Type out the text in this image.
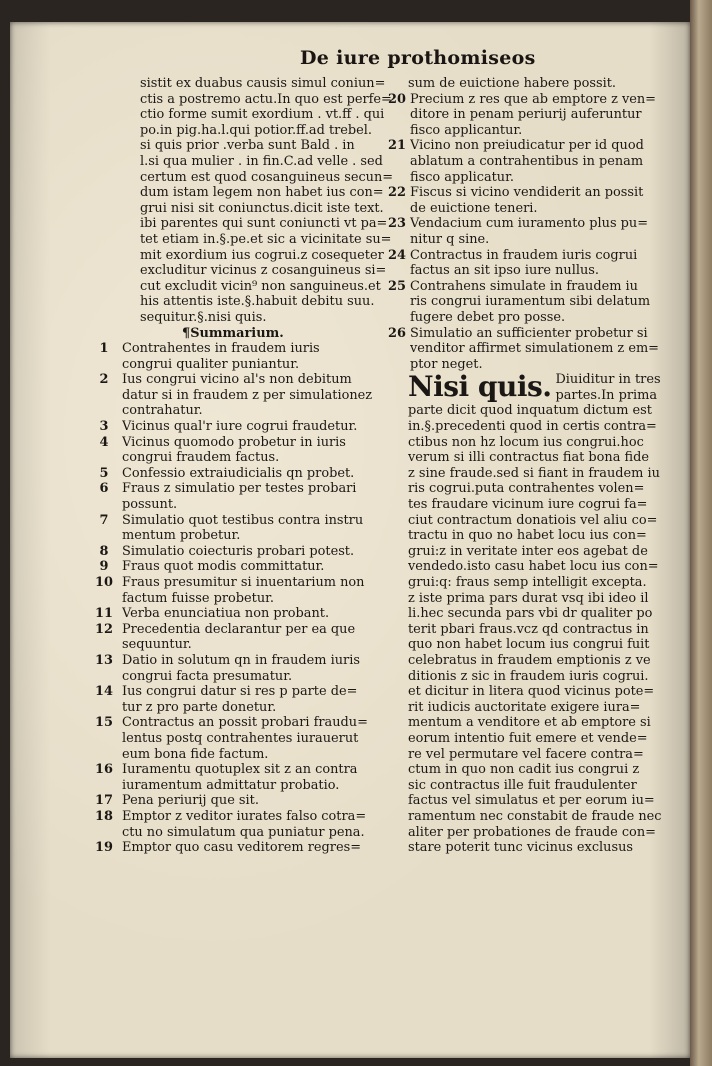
De iure prothomiseos
sistit ex duabus causis simul coniun=
ctis a postremo actu.In quo est perfe=
ctio forme sumit exordium . vt.ff . qui
po.in pig.ha.l.qui potior.ff.ad trebel.
si quis prior .verba sunt Bald . in
l.si qua mulier . in fin.C.ad velle . sed
certum est quod cosanguineus secun=
dum istam legem non habet ius con=
grui nisi sit coniunctus.dicit iste text.
ibi parentes qui sunt coniuncti vt pa=
tet etiam in.§.pe.et sic a vicinitate su=
mit exordium ius cogrui.z cosequeter
excluditur vicinus z cosanguineus si=
cut excludit vicin⁹ non sanguineus.et
his attentis iste.§.habuit debitu suu.
sequitur.§.nisi quis.
¶Summarium.
1	Contrahentes in fraudem iuris
congrui qualiter puniantur.
2	Ius congrui vicino al's non debitum
datur si in fraudem z per simulationez
contrahatur.
3	Vicinus qual'r iure cogrui fraudetur.
4	Vicinus quomodo probetur in iuris
congrui fraudem factus.
5	Confessio extraiudicialis qn probet.
6	Fraus z simulatio per testes probari
possunt.
7	Simulatio quot testibus contra instru
mentum probetur.
8	Simulatio coiecturis probari potest.
9	Fraus quot modis committatur.
10 Fraus presumitur si inuentarium non
factum fuisse probetur.
11 Verba enunciatiua non probant.
12 Precedentia declarantur per ea que
sequuntur.
13 Datio in solutum qn in fraudem iuris
congrui facta presumatur.
14 Ius congrui datur si res p parte de=
tur z pro parte donetur.
15 Contractus an possit probari fraudu=
lentus postq contrahentes iurauerut
eum bona fide factum.
16 Iuramentu quotuplex sit z an contra
iuramentum admittatur probatio.
17 Pena periurij que sit.
18 Emptor z veditor iurates falso cotra=
ctu no simulatum qua puniatur pena.
19 Emptor quo casu veditorem regres=
sum de euictione habere possit.
20 Precium z res que ab emptore z ven=
ditore in penam periurij auferuntur
fisco applicantur.
21 Vicino non preiudicatur per id quod
ablatum a contrahentibus in penam
fisco applicatur.
22 Fiscus si vicino vendiderit an possit
de euictione teneri.
23 Vendacium cum iuramento plus pu=
nitur q sine.
24 Contractus in fraudem iuris cogrui
factus an sit ipso iure nullus.
25 Contrahens simulate in fraudem iu
ris congrui iuramentum sibi delatum
fugere debet pro posse.
26 Simulatio an sufficienter probetur si
venditor affirmet simulationem z em=
ptor neget.
Nisi quis. Diuiditur in tres
partes.In prima
parte dicit quod inquatum dictum est
in.§.precedenti quod in certis contra=
ctibus non hz locum ius congrui.hoc
verum si illi contractus fiat bona fide
z sine fraude.sed si fiant in fraudem iu
ris cogrui.puta contrahentes volen=
tes fraudare vicinum iure cogrui fa=
ciut contractum donatiois vel aliu co=
tractu in quo no habet locu ius con=
grui:z in veritate inter eos agebat de
vendedo.isto casu habet locu ius con=
grui:q: fraus semp intelligit excepta.
z iste prima pars durat vsq ibi ideo il
li.hec secunda pars vbi dr qualiter po
terit pbari fraus.vcz qd contractus in
quo non habet locum ius congrui fuit
celebratus in fraudem emptionis z ve
ditionis z sic in fraudem iuris cogrui.
et dicitur in litera quod vicinus pote=
rit iudicis auctoritate exigere iura=
mentum a venditore et ab emptore si
eorum intentio fuit emere et vende=
re vel permutare vel facere contra=
ctum in quo non cadit ius congrui z
sic contractus ille fuit fraudulenter
factus vel simulatus et per eorum iu=
ramentum nec constabit de fraude nec
aliter per probationes de fraude con=
stare poterit tunc vicinus exclusus
